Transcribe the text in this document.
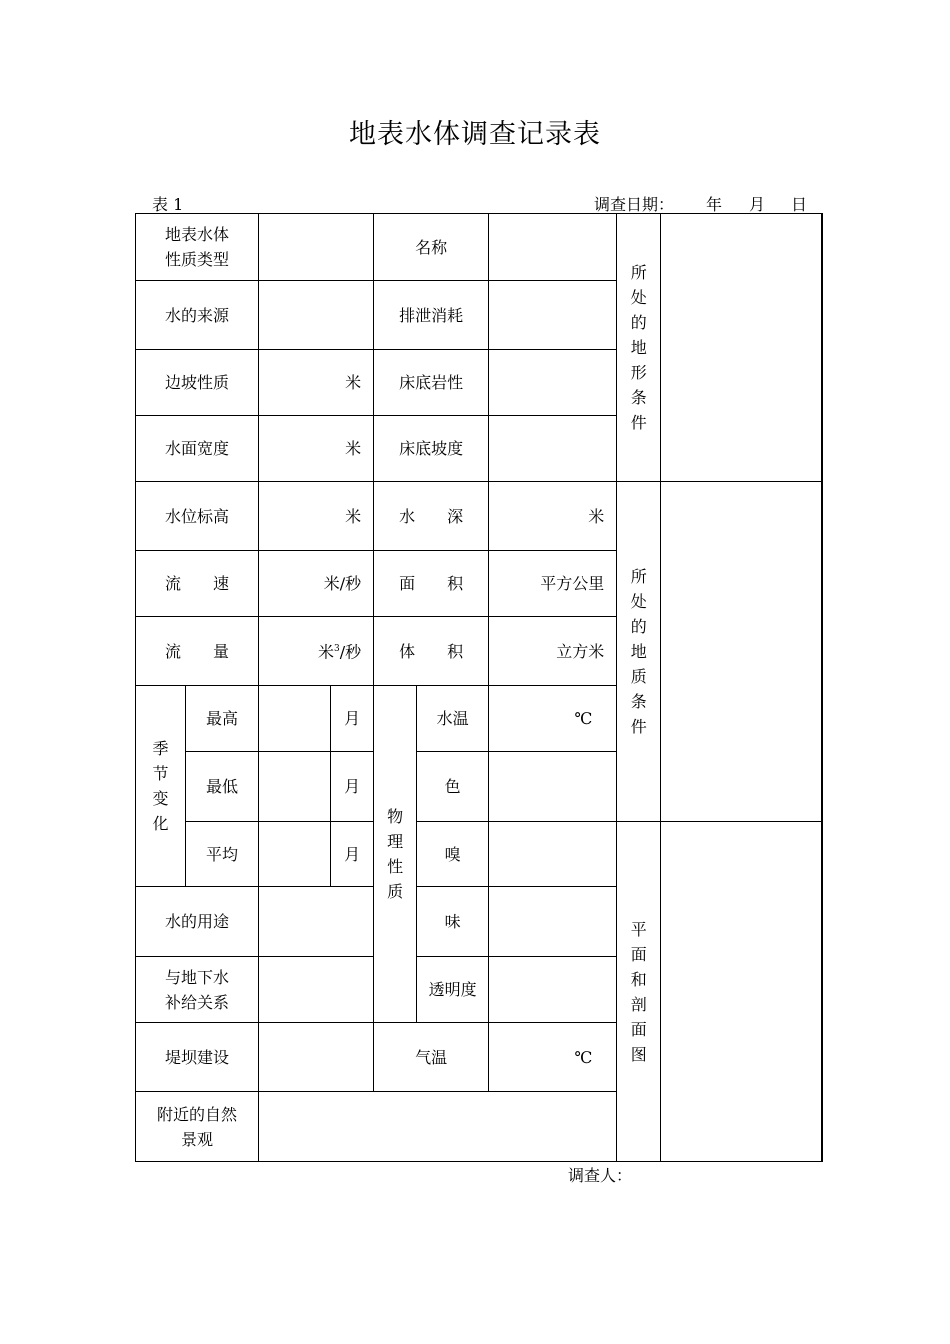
地表水体调查记录表
表 1	调查日期： 年 月 日
地表水体性质类型				名称			所处的地形条件	

水的来源				排泄消耗				
边坡性质		米		床底岩性				
水面宽度		米		床底坡度				
水位标高		米		水　　深		米	所处的地质条件	

流　　速		米/秒		面　　积		平方公里		
流　　量		米$^3$/秒		体　　积		立方米		

季节变化	最高		月	物理性质	水温	℃		
	最低		月		色			
	平均		月		嗅		平面和剖面图	

水的用途					味			

与地下水补给关系					透明度			
堤坝建设				气温		℃		

附近的自然景观								

调查人：
